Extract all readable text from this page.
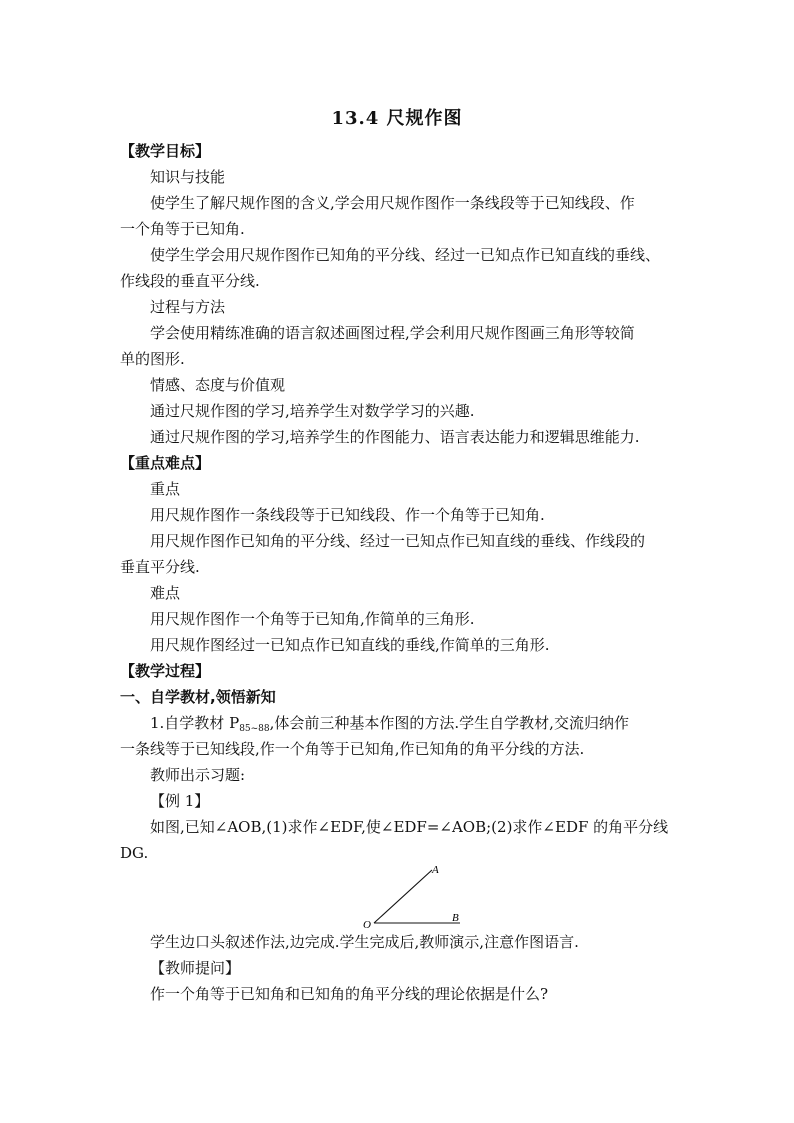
13.4 尺规作图
【教学目标】
知识与技能
使学生了解尺规作图的含义,学会用尺规作图作一条线段等于已知线段、作
一个角等于已知角.
使学生学会用尺规作图作已知角的平分线、经过一已知点作已知直线的垂线、
作线段的垂直平分线.
过程与方法
学会使用精练准确的语言叙述画图过程,学会利用尺规作图画三角形等较简
单的图形.
情感、态度与价值观
通过尺规作图的学习,培养学生对数学学习的兴趣.
通过尺规作图的学习,培养学生的作图能力、语言表达能力和逻辑思维能力.
【重点难点】
重点
用尺规作图作一条线段等于已知线段、作一个角等于已知角.
用尺规作图作已知角的平分线、经过一已知点作已知直线的垂线、作线段的
垂直平分线.
难点
用尺规作图作一个角等于已知角,作简单的三角形.
用尺规作图经过一已知点作已知直线的垂线,作简单的三角形.
【教学过程】
一、自学教材,领悟新知
1.自学教材 $P_{85\sim 88}$,体会前三种基本作图的方法.学生自学教材,交流归纳作
一条线等于已知线段,作一个角等于已知角,作已知角的角平分线的方法.
教师出示习题:
【例 1】
如图,已知∠AOB,(1)求作∠EDF,使∠EDF=∠AOB;(2)求作∠EDF 的角平分线
DG.
A
O
B
学生边口头叙述作法,边完成.学生完成后,教师演示,注意作图语言.
【教师提问】
作一个角等于已知角和已知角的角平分线的理论依据是什么?
